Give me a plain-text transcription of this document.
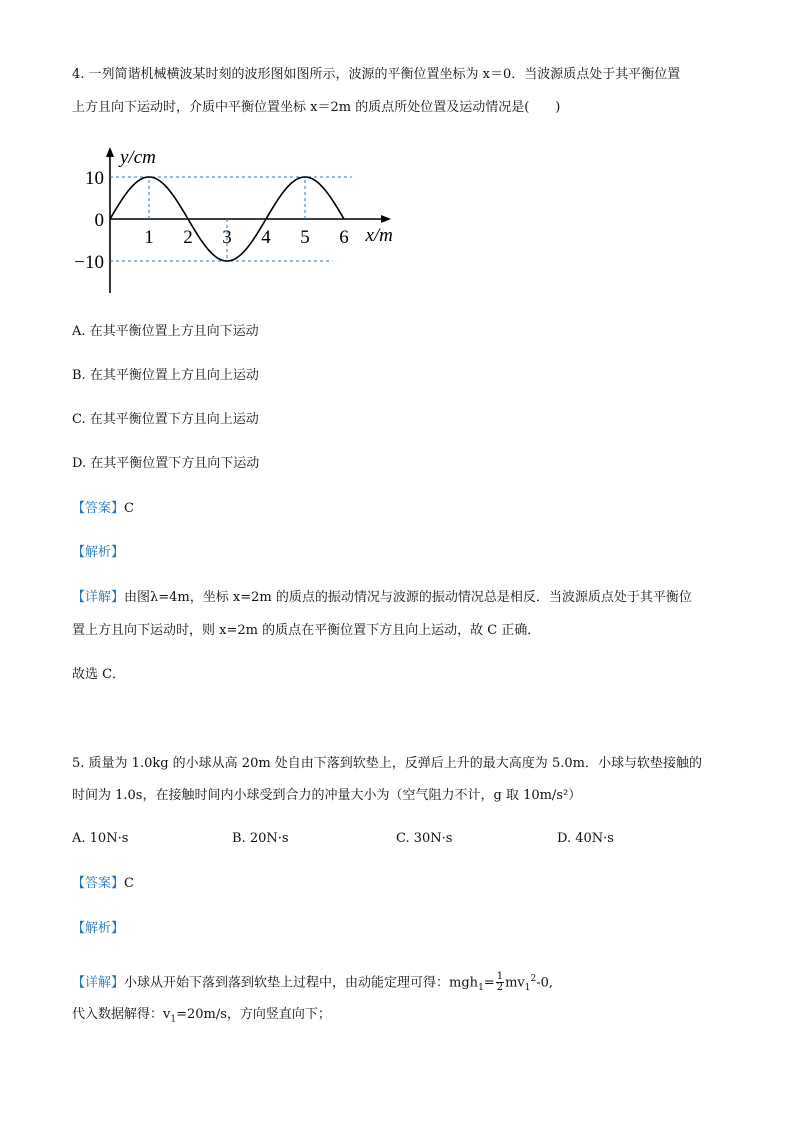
4. 一列简谐机械横波某时刻的波形图如图所示，波源的平衡位置坐标为 x＝0．当波源质点处于其平衡位置
上方且向下运动时，介质中平衡位置坐标 x＝2m 的质点所处位置及运动情况是(　　)
1 2 3 4 5 6
10
0
−10
y/cm
x/m
A. 在其平衡位置上方且向下运动
B. 在其平衡位置上方且向上运动
C. 在其平衡位置下方且向上运动
D. 在其平衡位置下方且向下运动
【答案】C
【解析】
【详解】由图λ=4m，坐标 x=2m 的质点的振动情况与波源的振动情况总是相反．当波源质点处于其平衡位
置上方且向下运动时，则 x=2m 的质点在平衡位置下方且向上运动，故 C 正确．
故选 C．
5. 质量为 1.0kg 的小球从高 20m 处自由下落到软垫上，反弹后上升的最大高度为 5.0m．小球与软垫接触的
时间为 1.0s，在接触时间内小球受到合力的冲量大小为（空气阻力不计，g 取 10m/s²）
A. 10N·s	B. 20N·s	C. 30N·s	D. 40N·s
【答案】C
【解析】
【详解】小球从开始下落到落到软垫上过程中，由动能定理可得：$mgh_1= \frac{1}{2} mv_1^2-0$,
代入数据解得：$v_1=20m/s$，方向竖直向下；
